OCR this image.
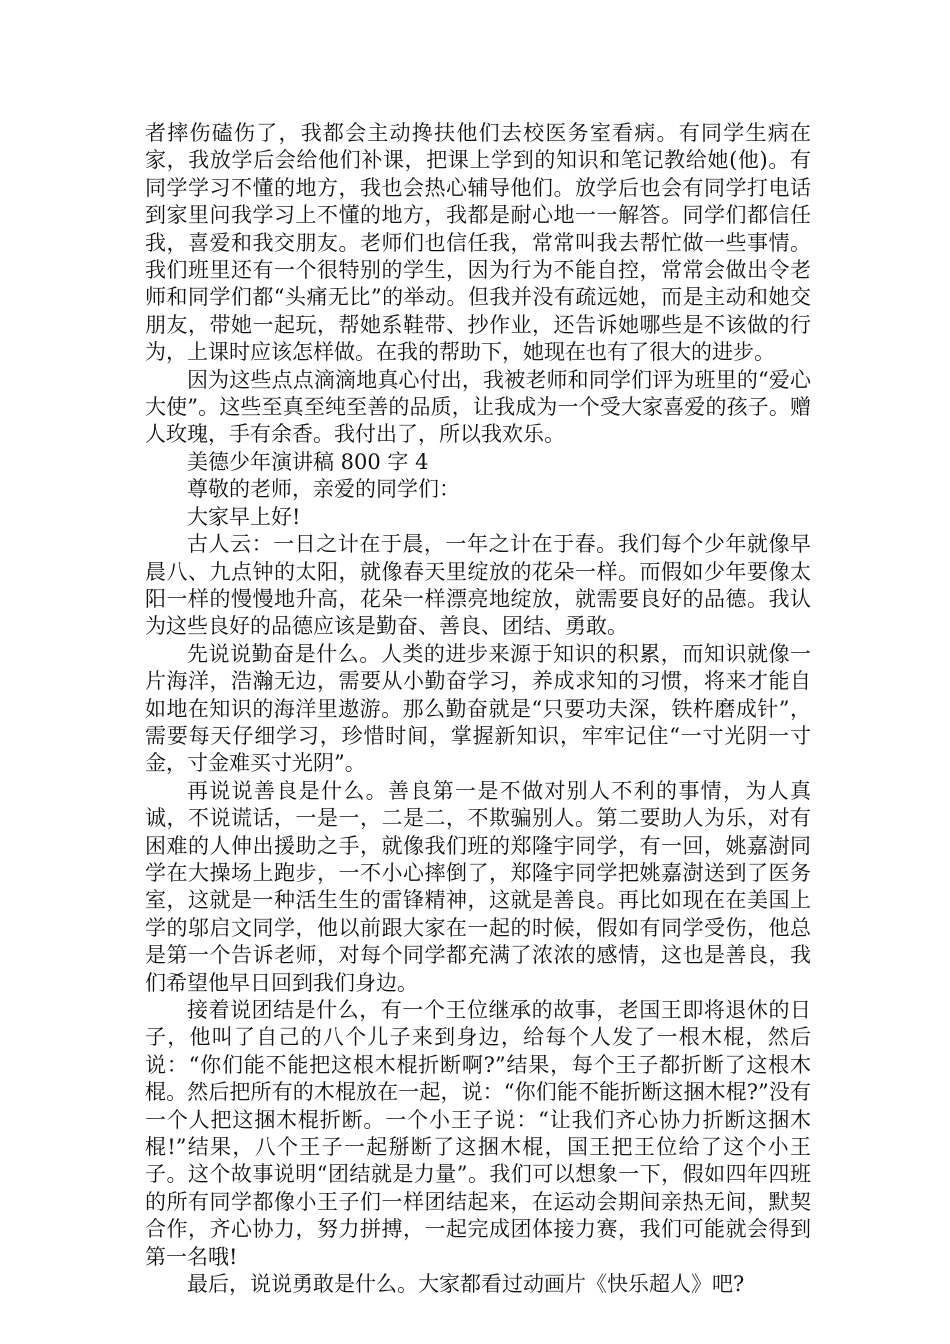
者摔伤磕伤了，我都会主动搀扶他们去校医务室看病。有同学生病在家，我放学后会给他们补课，把课上学到的知识和笔记教给她(他)。有同学学习不懂的地方，我也会热心辅导他们。放学后也会有同学打电话到家里问我学习上不懂的地方，我都是耐心地一一解答。同学们都信任我，喜爱和我交朋友。老师们也信任我，常常叫我去帮忙做一些事情。我们班里还有一个很特别的学生，因为行为不能自控，常常会做出令老师和同学们都“头痛无比”的举动。但我并没有疏远她，而是主动和她交朋友，带她一起玩，帮她系鞋带、抄作业，还告诉她哪些是不该做的行为，上课时应该怎样做。在我的帮助下，她现在也有了很大的进步。

因为这些点点滴滴地真心付出，我被老师和同学们评为班里的“爱心大使”。这些至真至纯至善的品质，让我成为一个受大家喜爱的孩子。赠人玫瑰，手有余香。我付出了，所以我欢乐。

美德少年演讲稿 800 字 4

尊敬的老师，亲爱的同学们：

大家早上好!

古人云：一日之计在于晨，一年之计在于春。我们每个少年就像早晨八、九点钟的太阳，就像春天里绽放的花朵一样。而假如少年要像太阳一样的慢慢地升高，花朵一样漂亮地绽放，就需要良好的品德。我认为这些良好的品德应该是勤奋、善良、团结、勇敢。

先说说勤奋是什么。人类的进步来源于知识的积累，而知识就像一片海洋，浩瀚无边，需要从小勤奋学习，养成求知的习惯，将来才能自如地在知识的海洋里遨游。那么勤奋就是“只要功夫深，铁杵磨成针”，需要每天仔细学习，珍惜时间，掌握新知识，牢牢记住“一寸光阴一寸金，寸金难买寸光阴”。

再说说善良是什么。善良第一是不做对别人不利的事情，为人真诚，不说谎话，一是一，二是二，不欺骗别人。第二要助人为乐，对有困难的人伸出援助之手，就像我们班的郑隆宇同学，有一回，姚嘉澍同学在大操场上跑步，一不小心摔倒了，郑隆宇同学把姚嘉澍送到了医务室，这就是一种活生生的雷锋精神，这就是善良。再比如现在在美国上学的邬启文同学，他以前跟大家在一起的时候，假如有同学受伤，他总是第一个告诉老师，对每个同学都充满了浓浓的感情，这也是善良，我们希望他早日回到我们身边。

接着说团结是什么，有一个王位继承的故事，老国王即将退休的日子，他叫了自己的八个儿子来到身边，给每个人发了一根木棍，然后说：“你们能不能把这根木棍折断啊?”结果，每个王子都折断了这根木棍。然后把所有的木棍放在一起，说：“你们能不能折断这捆木棍?”没有一个人把这捆木棍折断。一个小王子说：“让我们齐心协力折断这捆木棍!”结果，八个王子一起掰断了这捆木棍，国王把王位给了这个小王子。这个故事说明“团结就是力量”。我们可以想象一下，假如四年四班的所有同学都像小王子们一样团结起来，在运动会期间亲热无间，默契合作，齐心协力，努力拼搏，一起完成团体接力赛，我们可能就会得到第一名哦!

最后，说说勇敢是什么。大家都看过动画片《快乐超人》吧?
